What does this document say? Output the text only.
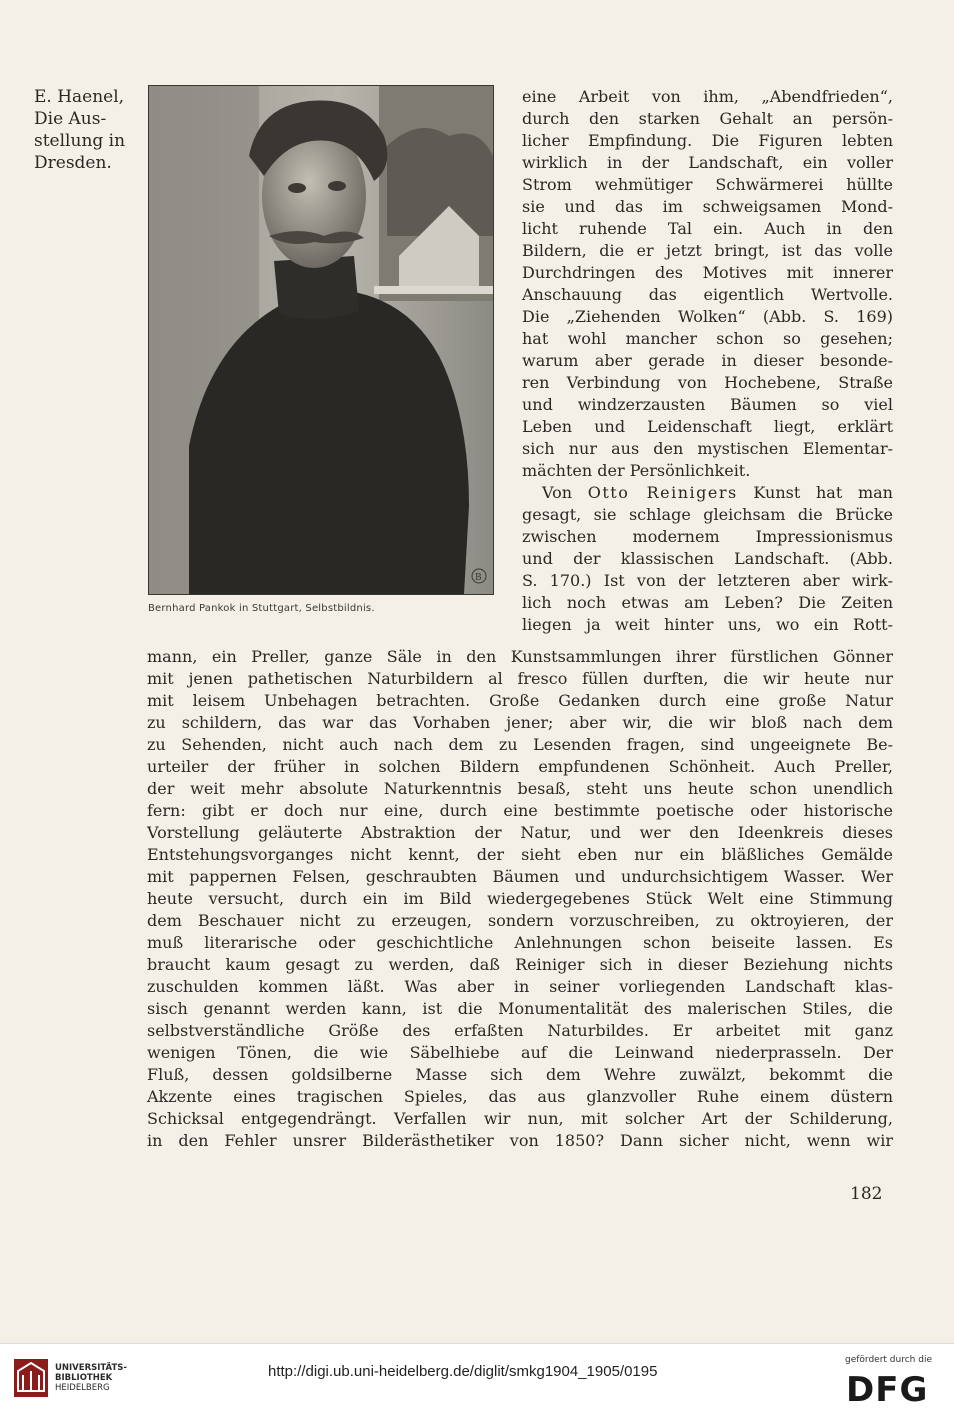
E. Haenel,
Die Aus-
stellung in
Dresden.
B
Bernhard Pankok in Stuttgart, Selbstbildnis.
eine Arbeit von ihm, „Abendfrieden“,
durch den starken Gehalt an persön-
licher Empfindung. Die Figuren lebten
wirklich in der Landschaft, ein voller
Strom wehmütiger Schwärmerei hüllte
sie und das im schweigsamen Mond-
licht ruhende Tal ein. Auch in den
Bildern, die er jetzt bringt, ist das volle
Durchdringen des Motives mit innerer
Anschauung das eigentlich Wertvolle.
Die „Ziehenden Wolken“ (Abb. S. 169)
hat wohl mancher schon so gesehen;
warum aber gerade in dieser besonde-
ren Verbindung von Hochebene, Straße
und windzerzausten Bäumen so viel
Leben und Leidenschaft liegt, erklärt
sich nur aus den mystischen Elementar-
mächten der Persönlichkeit.
Von Otto Reinigers Kunst hat man
gesagt, sie schlage gleichsam die Brücke
zwischen modernem Impressionismus
und der klassischen Landschaft. (Abb.
S. 170.) Ist von der letzteren aber wirk-
lich noch etwas am Leben? Die Zeiten
liegen ja weit hinter uns, wo ein Rott-
mann, ein Preller, ganze Säle in den Kunstsammlungen ihrer fürstlichen Gönner
mit jenen pathetischen Naturbildern al fresco füllen durften, die wir heute nur
mit leisem Unbehagen betrachten. Große Gedanken durch eine große Natur
zu schildern, das war das Vorhaben jener; aber wir, die wir bloß nach dem
zu Sehenden, nicht auch nach dem zu Lesenden fragen, sind ungeeignete Be-
urteiler der früher in solchen Bildern empfundenen Schönheit. Auch Preller,
der weit mehr absolute Naturkenntnis besaß, steht uns heute schon unendlich
fern: gibt er doch nur eine, durch eine bestimmte poetische oder historische
Vorstellung geläuterte Abstraktion der Natur, und wer den Ideenkreis dieses
Entstehungsvorganges nicht kennt, der sieht eben nur ein bläßliches Gemälde
mit pappernen Felsen, geschraubten Bäumen und undurchsichtigem Wasser. Wer
heute versucht, durch ein im Bild wiedergegebenes Stück Welt eine Stimmung
dem Beschauer nicht zu erzeugen, sondern vorzuschreiben, zu oktroyieren, der
muß literarische oder geschichtliche Anlehnungen schon beiseite lassen. Es
braucht kaum gesagt zu werden, daß Reiniger sich in dieser Beziehung nichts
zuschulden kommen läßt. Was aber in seiner vorliegenden Landschaft klas-
sisch genannt werden kann, ist die Monumentalität des malerischen Stiles, die
selbstverständliche Größe des erfaßten Naturbildes. Er arbeitet mit ganz
wenigen Tönen, die wie Säbelhiebe auf die Leinwand niederprasseln. Der
Fluß, dessen goldsilberne Masse sich dem Wehre zuwälzt, bekommt die
Akzente eines tragischen Spieles, das aus glanzvoller Ruhe einem düstern
Schicksal entgegendrängt. Verfallen wir nun, mit solcher Art der Schilderung,
in den Fehler unsrer Bilderästhetiker von 1850? Dann sicher nicht, wenn wir
182
UNIVERSITÄTS-
BIBLIOTHEK
HEIDELBERG
http://digi.ub.uni-heidelberg.de/diglit/smkg1904_1905/0195
gefördert durch die
DFG
